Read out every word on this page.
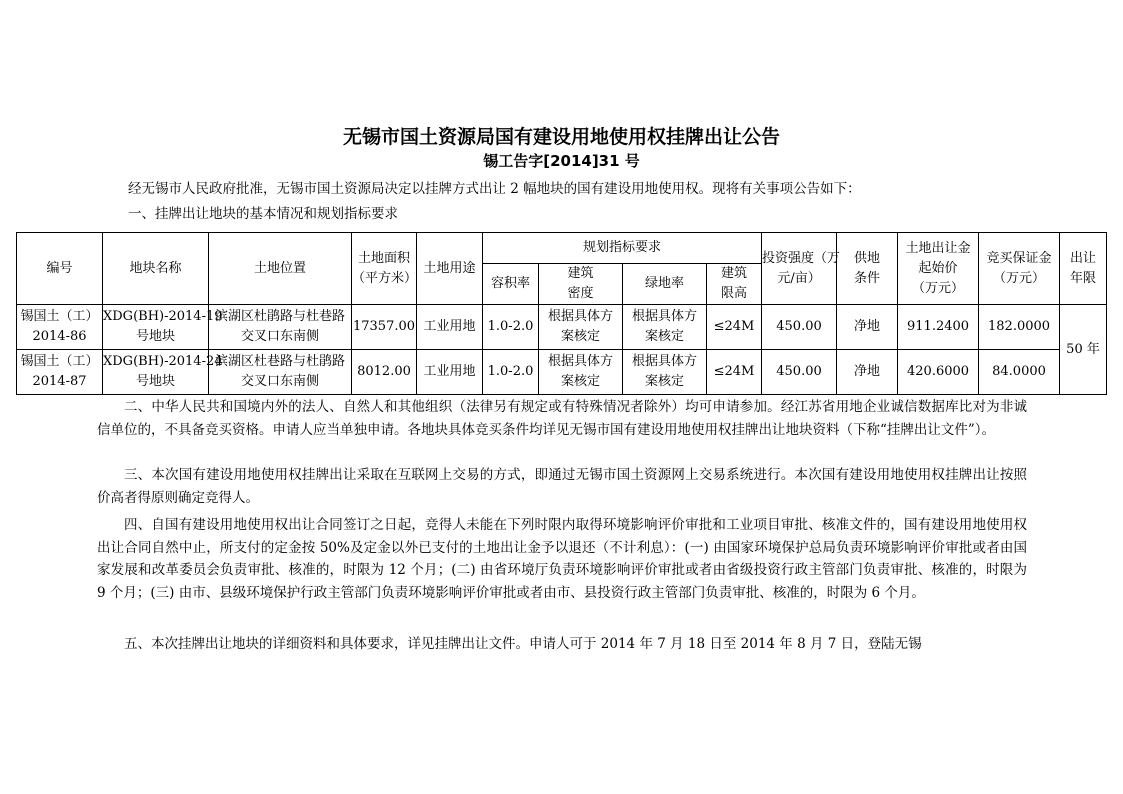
无锡市国土资源局国有建设用地使用权挂牌出让公告
锡工告字[2014]31 号
经无锡市人民政府批准，无锡市国土资源局决定以挂牌方式出让 2 幅地块的国有建设用地使用权。现将有关事项公告如下：
一、挂牌出让地块的基本情况和规划指标要求
编号	地块名称	土地位置	土地面积
（平方米）	土地用途	规划指标要求				投资强度（万
元/亩）	供地
条件	土地出让金
起始价
（万元）	竞买保证金
（万元）	出让
年限
					容积率	建筑
密度	绿地率	建筑
限高					
锡国土（工）
2014-86	XDG(BH)-2014-19
号地块	滨湖区杜鹃路与杜巷路
交叉口东南侧	17357.00	工业用地	1.0-2.0	根据具体方
案核定	根据具体方
案核定	≤24M	450.00	净地	911.2400	182.0000	50 年
锡国土（工）
2014-87	XDG(BH)-2014-24
号地块	滨湖区杜巷路与杜鹃路
交叉口东南侧	8012.00	工业用地	1.0-2.0	根据具体方
案核定	根据具体方
案核定	≤24M	450.00	净地	420.6000	84.0000	

二、中华人民共和国境内外的法人、自然人和其他组织（法律另有规定或有特殊情况者除外）均可申请参加。经江苏省用地企业诚信数据库比对为非诚信单位的，不具备竞买资格。申请人应当单独申请。各地块具体竞买条件均详见无锡市国有建设用地使用权挂牌出让地块资料（下称“挂牌出让文件”）。

三、本次国有建设用地使用权挂牌出让采取在互联网上交易的方式，即通过无锡市国土资源网上交易系统进行。本次国有建设用地使用权挂牌出让按照价高者得原则确定竞得人。

四、自国有建设用地使用权出让合同签订之日起，竞得人未能在下列时限内取得环境影响评价审批和工业项目审批、核准文件的，国有建设用地使用权出让合同自然中止，所支付的定金按 50%及定金以外已支付的土地出让金予以退还（不计利息）：(一) 由国家环境保护总局负责环境影响评价审批或者由国家发展和改革委员会负责审批、核准的，时限为 12 个月；(二) 由省环境厅负责环境影响评价审批或者由省级投资行政主管部门负责审批、核准的，时限为 9 个月；(三) 由市、县级环境保护行政主管部门负责环境影响评价审批或者由市、县投资行政主管部门负责审批、核准的，时限为 6 个月。

五、本次挂牌出让地块的详细资料和具体要求，详见挂牌出让文件。申请人可于 2014 年 7 月 18 日至 2014 年 8 月 7 日，登陆无锡
